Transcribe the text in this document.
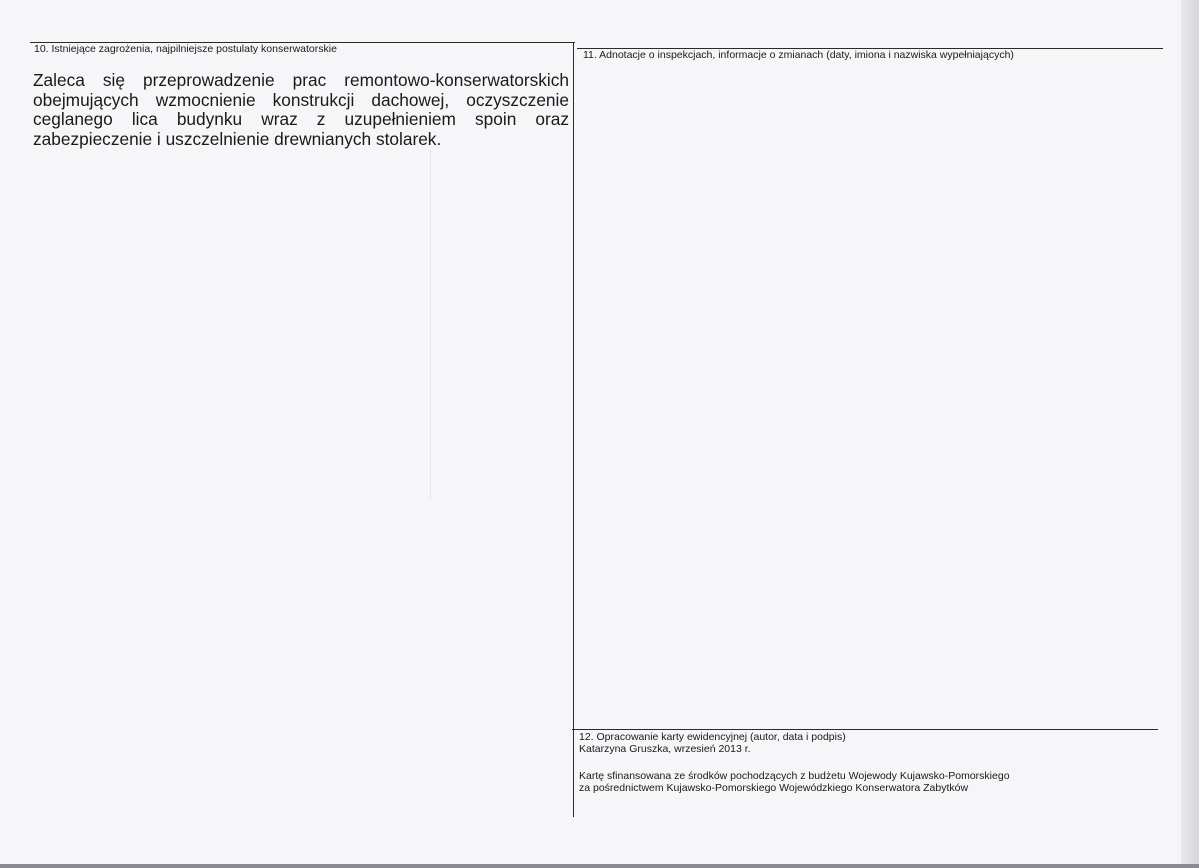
10. Istniejące zagrożenia, najpilniejsze postulaty konserwatorskie
Zaleca się przeprowadzenie prac remontowo-konserwatorskich obejmujących wzmocnienie konstrukcji dachowej, oczyszczenie ceglanego lica budynku wraz z uzupełnieniem spoin oraz zabezpieczenie i uszczelnienie drewnianych stolarek.
11. Adnotacje o inspekcjach, informacje o zmianach (daty, imiona i nazwiska wypełniających)
12. Opracowanie karty ewidencyjnej (autor, data i podpis)
Katarzyna Gruszka, wrzesień 2013 r.
Kartę sfinansowana ze środków pochodzących z budżetu Wojewody Kujawsko-Pomorskiego
za pośrednictwem Kujawsko-Pomorskiego Wojewódzkiego Konserwatora Zabytków
